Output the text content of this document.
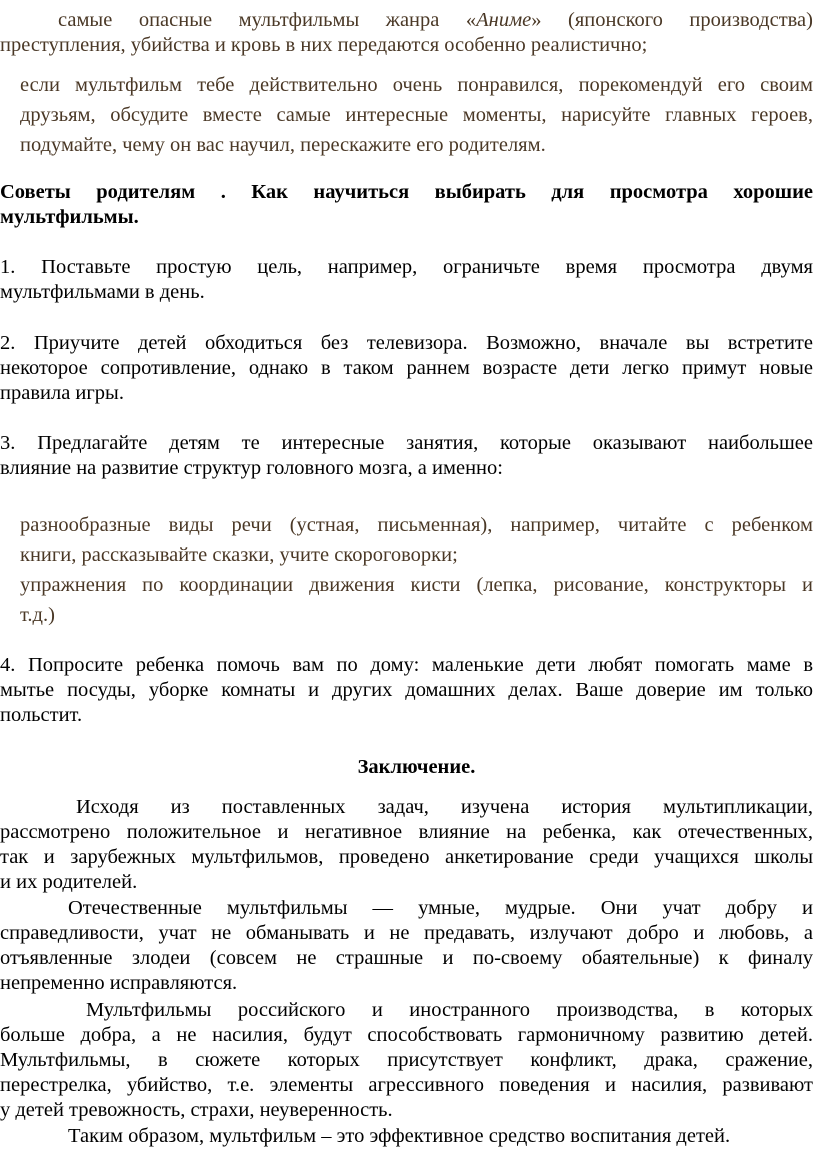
самые опасные мультфильмы жанра «Аниме» (японского производства)
преступления, убийства и кровь в них передаются особенно реалистично;

если мультфильм тебе действительно очень понравился, порекомендуй его своим
друзьям, обсудите вместе самые интересные моменты, нарисуйте главных героев,
подумайте, чему он вас научил, перескажите его родителям.

Советы родителям . Как научиться выбирать для просмотра хорошие
мультфильмы.

1. Поставьте простую цель, например, ограничьте время просмотра двумя
мультфильмами в день.

2. Приучите детей обходиться без телевизора. Возможно, вначале вы встретите
некоторое сопротивление, однако в таком раннем возрасте дети легко примут новые
правила игры.

3. Предлагайте детям те интересные занятия, которые оказывают наибольшее
влияние на развитие структур головного мозга, а именно:

разнообразные виды речи (устная, письменная), например, читайте с ребенком
книги, рассказывайте сказки, учите скороговорки;
упражнения по координации движения кисти (лепка, рисование, конструкторы и
т.д.)

4. Попросите ребенка помочь вам по дому: маленькие дети любят помогать маме в
мытье посуды, уборке комнаты и других домашних делах. Ваше доверие им только
польстит.

Заключение.

Исходя из поставленных задач, изучена история мультипликации,
рассмотрено положительное и негативное влияние на ребенка, как отечественных,
так и зарубежных мультфильмов, проведено анкетирование среди учащихся школы
и их родителей.

Отечественные мультфильмы — умные, мудрые. Они учат добру и
справедливости, учат не обманывать и не предавать, излучают добро и любовь, а
отъявленные злодеи (совсем не страшные и по-своему обаятельные) к финалу
непременно исправляются.

Мультфильмы российского и иностранного производства, в которых
больше добра, а не насилия, будут способствовать гармоничному развитию детей.
Мультфильмы, в сюжете которых присутствует конфликт, драка, сражение,
перестрелка, убийство, т.е. элементы агрессивного поведения и насилия, развивают
у детей тревожность, страхи, неуверенность.

Таким образом, мультфильм – это эффективное средство воспитания детей.
